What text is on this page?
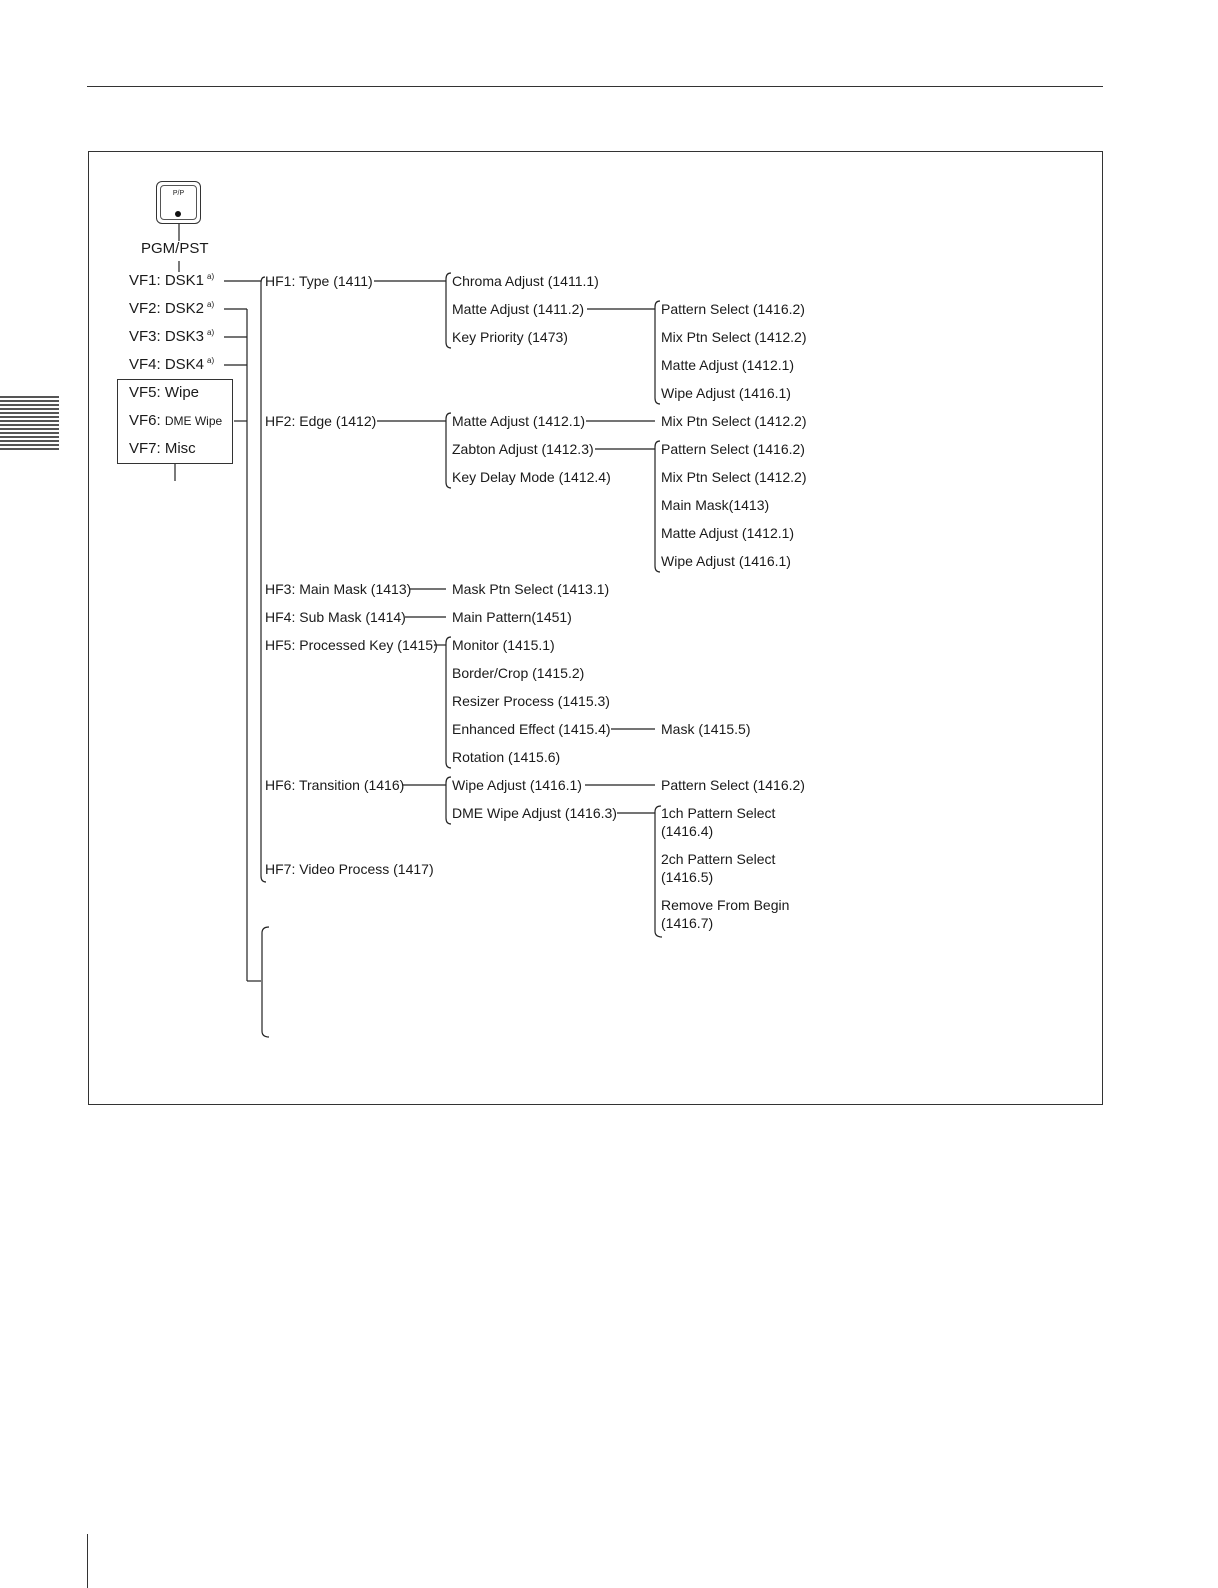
P/P
PGM/PST
VF1: DSK1 $^{a)}$
VF2: DSK2 $^{a)}$
VF3: DSK3 $^{a)}$
VF4: DSK4 $^{a)}$
VF5: Wipe
VF6: DME Wipe
VF7: Misc
HF1: Type (1411)
HF2: Edge (1412)
HF3: Main Mask (1413)
HF4: Sub Mask (1414)
HF5: Processed Key (1415)
HF6: Transition (1416)
HF7: Video Process (1417)
Chroma Adjust (1411.1)
Matte Adjust (1411.2)
Key Priority (1473)
Matte Adjust (1412.1)
Zabton Adjust (1412.3)
Key Delay Mode (1412.4)
Mask Ptn Select (1413.1)
Main Pattern(1451)
Monitor (1415.1)
Border/Crop (1415.2)
Resizer Process (1415.3)
Enhanced Effect (1415.4)
Rotation (1415.6)
Wipe Adjust (1416.1)
DME Wipe Adjust (1416.3)
Pattern Select (1416.2)
Mix Ptn Select (1412.2)
Matte Adjust (1412.1)
Wipe Adjust (1416.1)
Mix Ptn Select (1412.2)
Pattern Select (1416.2)
Mix Ptn Select (1412.2)
Main Mask(1413)
Matte Adjust (1412.1)
Wipe Adjust (1416.1)
Mask (1415.5)
Pattern Select (1416.2)
1ch Pattern Select
(1416.4)
2ch Pattern Select
(1416.5)
Remove From Begin
(1416.7)
